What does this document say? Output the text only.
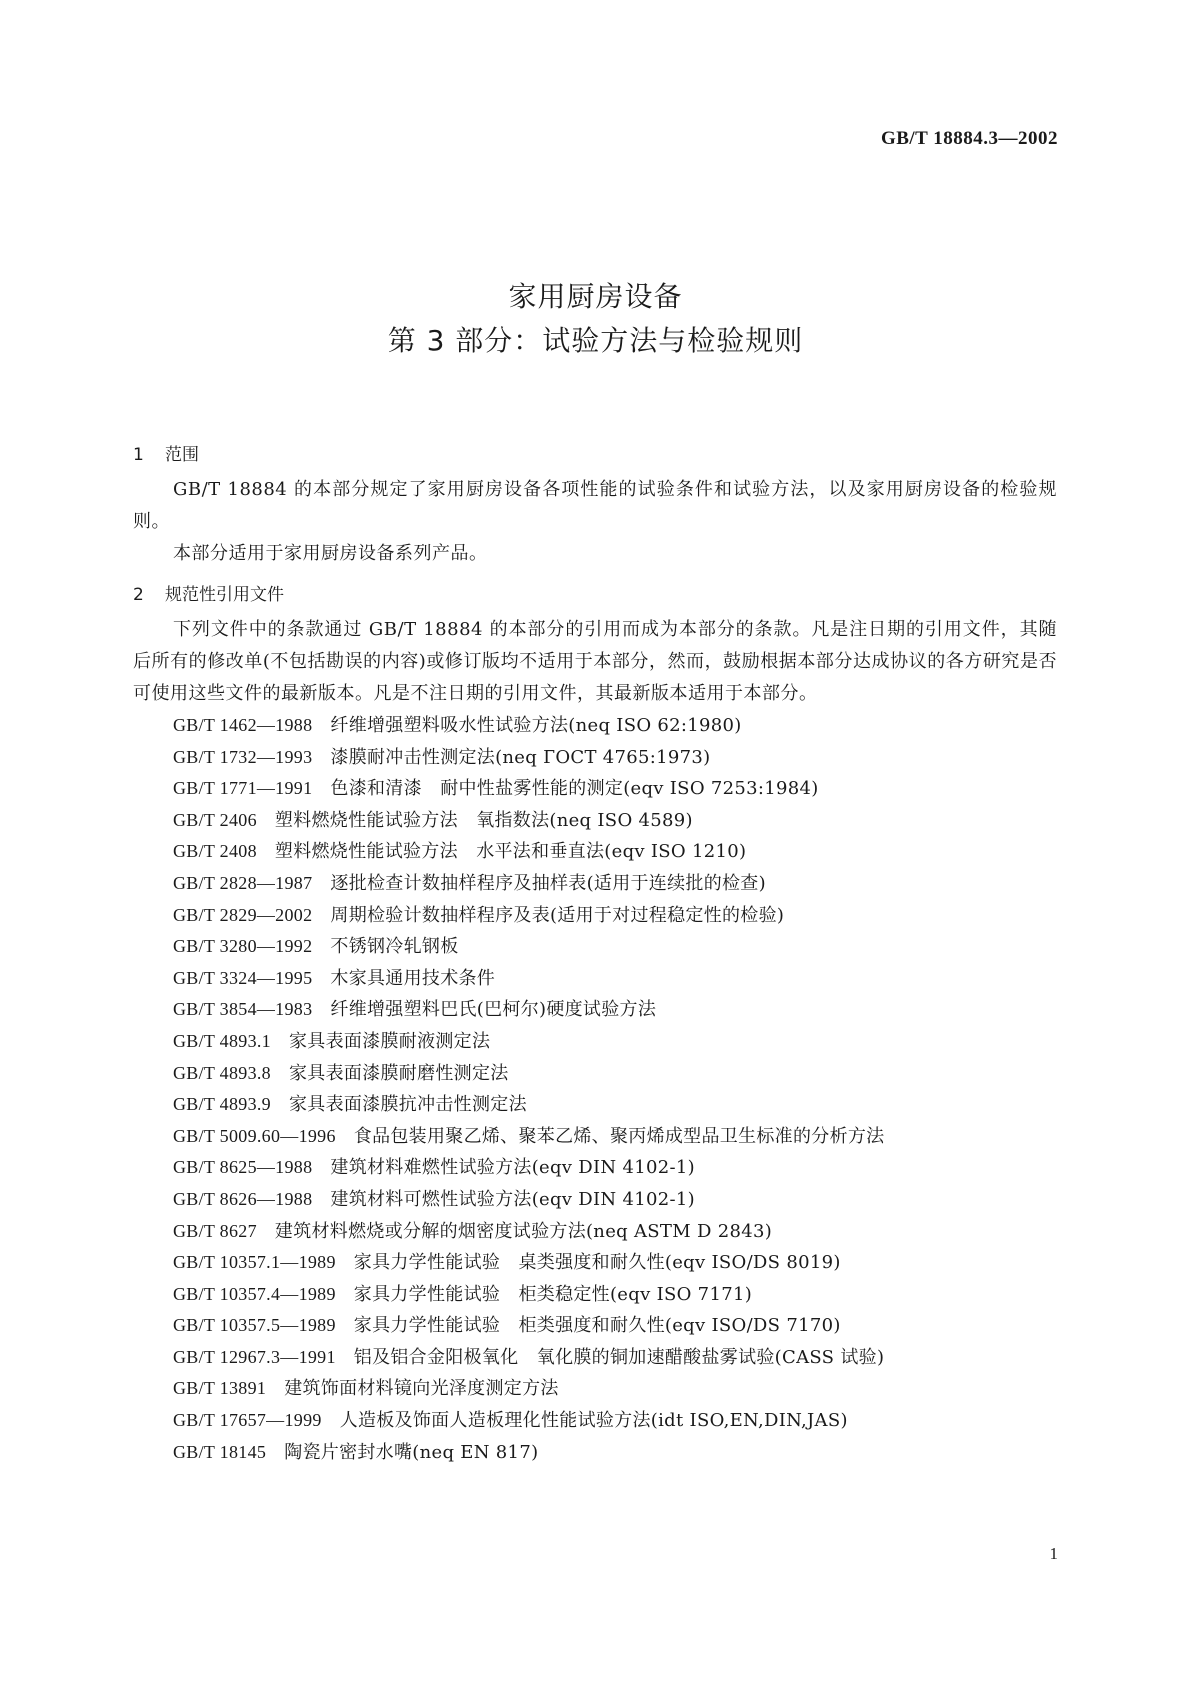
GB/T 18884.3—2002
家用厨房设备
第 3 部分：试验方法与检验规则
1 范围

GB/T 18884 的本部分规定了家用厨房设备各项性能的试验条件和试验方法，以及家用厨房设备的检验规则。

本部分适用于家用厨房设备系列产品。

2 规范性引用文件

下列文件中的条款通过 GB/T 18884 的本部分的引用而成为本部分的条款。凡是注日期的引用文件，其随后所有的修改单(不包括勘误的内容)或修订版均不适用于本部分，然而，鼓励根据本部分达成协议的各方研究是否可使用这些文件的最新版本。凡是不注日期的引用文件，其最新版本适用于本部分。

GB/T 1462—1988 纤维增强塑料吸水性试验方法(neq ISO 62:1980)
GB/T 1732—1993 漆膜耐冲击性测定法(neq ГОСТ 4765:1973)
GB/T 1771—1991 色漆和清漆　耐中性盐雾性能的测定(eqv ISO 7253:1984)
GB/T 2406 塑料燃烧性能试验方法　氧指数法(neq ISO 4589)
GB/T 2408 塑料燃烧性能试验方法　水平法和垂直法(eqv ISO 1210)
GB/T 2828—1987 逐批检查计数抽样程序及抽样表(适用于连续批的检查)
GB/T 2829—2002 周期检验计数抽样程序及表(适用于对过程稳定性的检验)
GB/T 3280—1992 不锈钢冷轧钢板
GB/T 3324—1995 木家具通用技术条件
GB/T 3854—1983 纤维增强塑料巴氏(巴柯尔)硬度试验方法
GB/T 4893.1 家具表面漆膜耐液测定法
GB/T 4893.8 家具表面漆膜耐磨性测定法
GB/T 4893.9 家具表面漆膜抗冲击性测定法
GB/T 5009.60—1996 食品包装用聚乙烯、聚苯乙烯、聚丙烯成型品卫生标准的分析方法
GB/T 8625—1988 建筑材料难燃性试验方法(eqv DIN 4102-1)
GB/T 8626—1988 建筑材料可燃性试验方法(eqv DIN 4102-1)
GB/T 8627 建筑材料燃烧或分解的烟密度试验方法(neq ASTM D 2843)
GB/T 10357.1—1989 家具力学性能试验　桌类强度和耐久性(eqv ISO/DS 8019)
GB/T 10357.4—1989 家具力学性能试验　柜类稳定性(eqv ISO 7171)
GB/T 10357.5—1989 家具力学性能试验　柜类强度和耐久性(eqv ISO/DS 7170)
GB/T 12967.3—1991 铝及铝合金阳极氧化　氧化膜的铜加速醋酸盐雾试验(CASS 试验)
GB/T 13891 建筑饰面材料镜向光泽度测定方法
GB/T 17657—1999 人造板及饰面人造板理化性能试验方法(idt ISO,EN,DIN,JAS)
GB/T 18145 陶瓷片密封水嘴(neq EN 817)
1
